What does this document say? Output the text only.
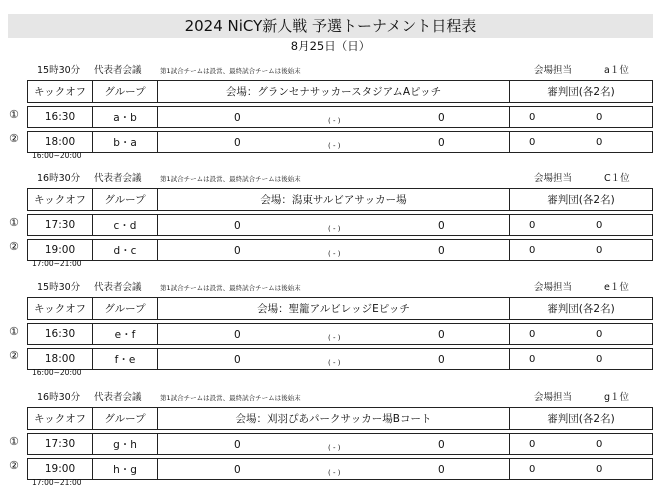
2024 NiCY新人戦 予選トーナメント日程表
8月25日（日）
15時30分 代表者会議	第1試合チームは設営、最終試合チームは後始末	会場担当	a１位
キックオフ	グループ	会場：グランセナサッカースタジアムAピッチ	審判団(各2名)

16:30	a・b	0 ( - ) 0	0 0

18:00	b・a	0 ( - ) 0	0 0
①
②
16:00~20:00
16時30分 代表者会議	第1試合チームは設営、最終試合チームは後始末	会場担当	C１位
キックオフ	グループ	会場：潟東サルビアサッカー場	審判団(各2名)

17:30	c・d	0 ( - ) 0	0 0

19:00	d・c	0 ( - ) 0	0 0
①
②
17:00~21:00
15時30分 代表者会議	第1試合チームは設営、最終試合チームは後始末	会場担当	e１位
キックオフ	グループ	会場：聖籠アルビレッジEピッチ	審判団(各2名)

16:30	e・f	0 ( - ) 0	0 0

18:00	f・e	0 ( - ) 0	0 0
①
②
16:00~20:00
16時30分 代表者会議	第1試合チームは設営、最終試合チームは後始末	会場担当	g１位
キックオフ	グループ	会場：刈羽ぴあパークサッカー場Bコート	審判団(各2名)

17:30	g・h	0 ( - ) 0	0 0

19:00	h・g	0 ( - ) 0	0 0
①
②
17:00~21:00
